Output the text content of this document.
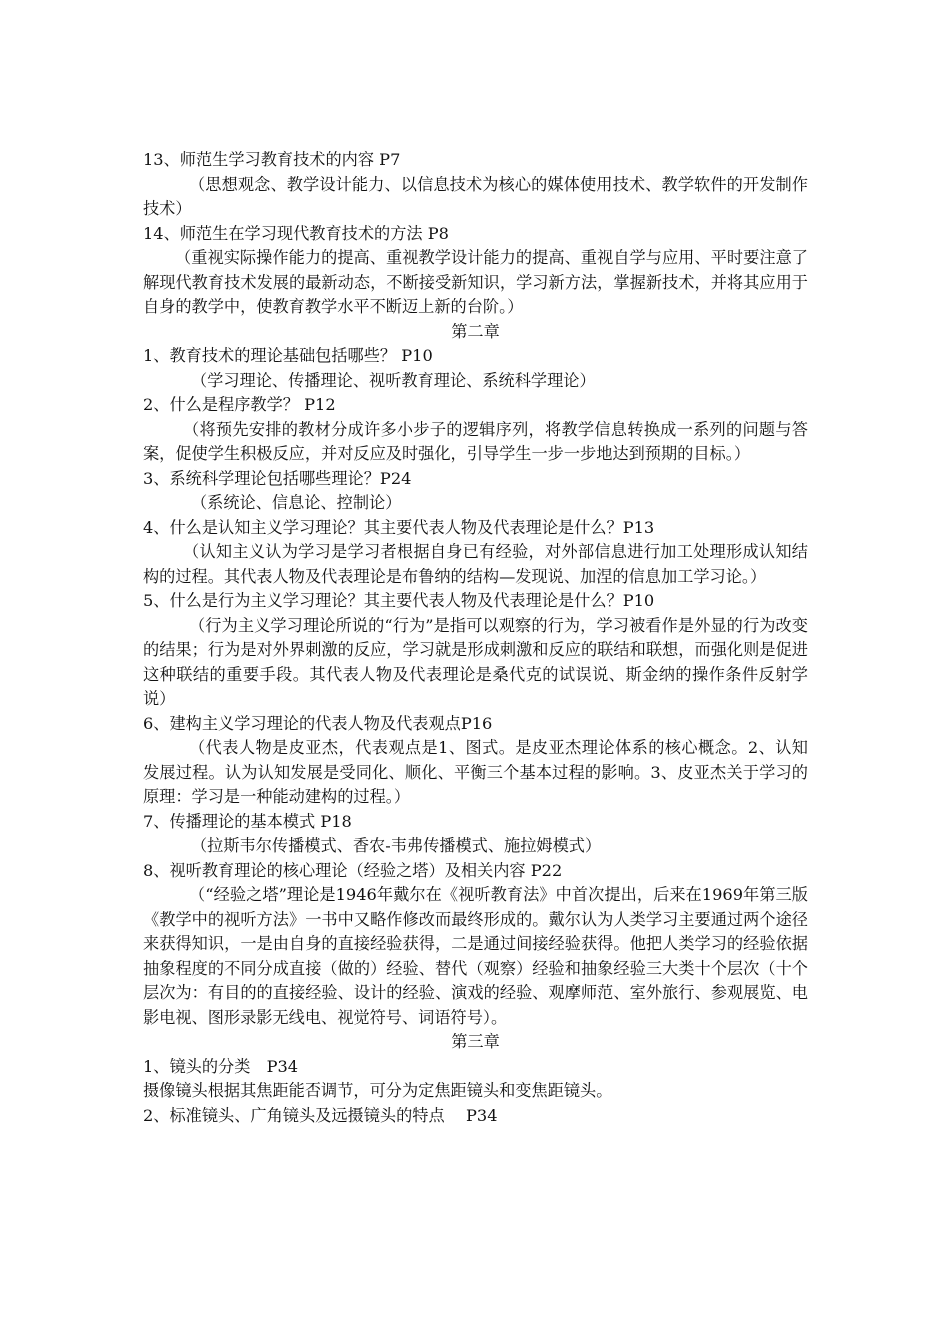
13、师范生学习教育技术的内容 P7
（思想观念、教学设计能力、以信息技术为核心的媒体使用技术、教学软件的开发制作技术）
14、师范生在学习现代教育技术的方法 P8
（重视实际操作能力的提高、重视教学设计能力的提高、重视自学与应用、平时要注意了解现代教育技术发展的最新动态，不断接受新知识，学习新方法，掌握新技术，并将其应用于自身的教学中，使教育教学水平不断迈上新的台阶。）
第二章
1、教育技术的理论基础包括哪些？ P10
（学习理论、传播理论、视听教育理论、系统科学理论）
2、什么是程序教学？ P12
（将预先安排的教材分成许多小步子的逻辑序列，将教学信息转换成一系列的问题与答案，促使学生积极反应，并对反应及时强化，引导学生一步一步地达到预期的目标。）
3、系统科学理论包括哪些理论？P24
（系统论、信息论、控制论）
4、什么是认知主义学习理论？其主要代表人物及代表理论是什么？P13
（认知主义认为学习是学习者根据自身已有经验，对外部信息进行加工处理形成认知结构的过程。其代表人物及代表理论是布鲁纳的结构—发现说、加涅的信息加工学习论。）
5、什么是行为主义学习理论？其主要代表人物及代表理论是什么？P10
（行为主义学习理论所说的“行为”是指可以观察的行为，学习被看作是外显的行为改变的结果；行为是对外界刺激的反应，学习就是形成刺激和反应的联结和联想，而强化则是促进这种联结的重要手段。其代表人物及代表理论是桑代克的试误说、斯金纳的操作条件反射学说）
6、建构主义学习理论的代表人物及代表观点P16
（代表人物是皮亚杰，代表观点是1、图式。是皮亚杰理论体系的核心概念。2、认知发展过程。认为认知发展是受同化、顺化、平衡三个基本过程的影响。3、皮亚杰关于学习的原理：学习是一种能动建构的过程。）
7、传播理论的基本模式 P18
（拉斯韦尔传播模式、香农-韦弗传播模式、施拉姆模式）
8、视听教育理论的核心理论（经验之塔）及相关内容 P22
（“经验之塔”理论是1946年戴尔在《视听教育法》中首次提出，后来在1969年第三版《教学中的视听方法》一书中又略作修改而最终形成的。戴尔认为人类学习主要通过两个途径来获得知识，一是由自身的直接经验获得，二是通过间接经验获得。他把人类学习的经验依据抽象程度的不同分成直接（做的）经验、替代（观察）经验和抽象经验三大类十个层次（十个层次为：有目的的直接经验、设计的经验、演戏的经验、观摩师范、室外旅行、参观展览、电影电视、图形录影无线电、视觉符号、词语符号）。
第三章
1、镜头的分类　P34
摄像镜头根据其焦距能否调节，可分为定焦距镜头和变焦距镜头。
2、标准镜头、广角镜头及远摄镜头的特点　 P34
